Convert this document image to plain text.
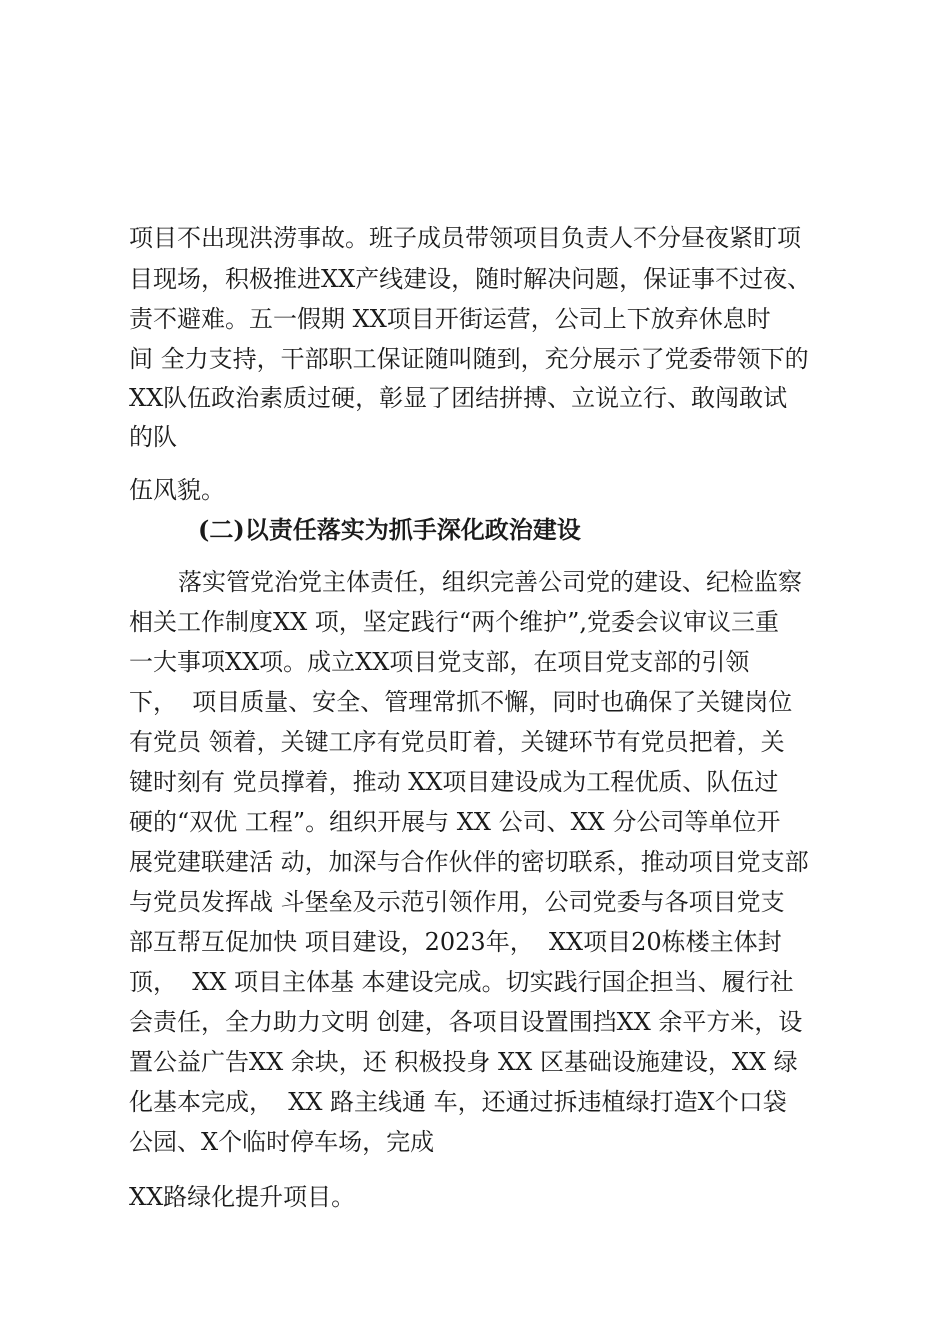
项目不出现洪涝事故。班子成员带领项目负责人不分昼夜紧盯项
目现场，积极推进XX产线建设，随时解决问题，保证事不过夜、
责不避难。五一假期 XX项目开街运营，公司上下放弃休息时
间 全力支持，干部职工保证随叫随到，充分展示了党委带领下的
XX队伍政治素质过硬，彰显了团结拼搏、立说立行、敢闯敢试
的队
伍风貌。
(二)以责任落实为抓手深化政治建设
落实管党治党主体责任，组织完善公司党的建设、纪检监察
相关工作制度XX 项，坚定践行“两个维护”,党委会议审议三重
一大事项XX项。成立XX项目党支部，在项目党支部的引领
下，  项目质量、安全、管理常抓不懈，同时也确保了关键岗位
有党员 领着，关键工序有党员盯着，关键环节有党员把着，关
键时刻有 党员撑着，推动 XX项目建设成为工程优质、队伍过
硬的“双优 工程”。组织开展与 XX 公司、XX 分公司等单位开
展党建联建活 动，加深与合作伙伴的密切联系，推动项目党支部
与党员发挥战 斗堡垒及示范引领作用，公司党委与各项目党支
部互帮互促加快 项目建设，2023年，  XX项目20栋楼主体封
顶，  XX 项目主体基 本建设完成。切实践行国企担当、履行社
会责任，全力助力文明 创建，各项目设置围挡XX 余平方米，设
置公益广告XX 余块，还 积极投身 XX 区基础设施建设，XX 绿
化基本完成，  XX 路主线通 车，还通过拆违植绿打造X个口袋
公园、X个临时停车场，完成
XX路绿化提升项目。
